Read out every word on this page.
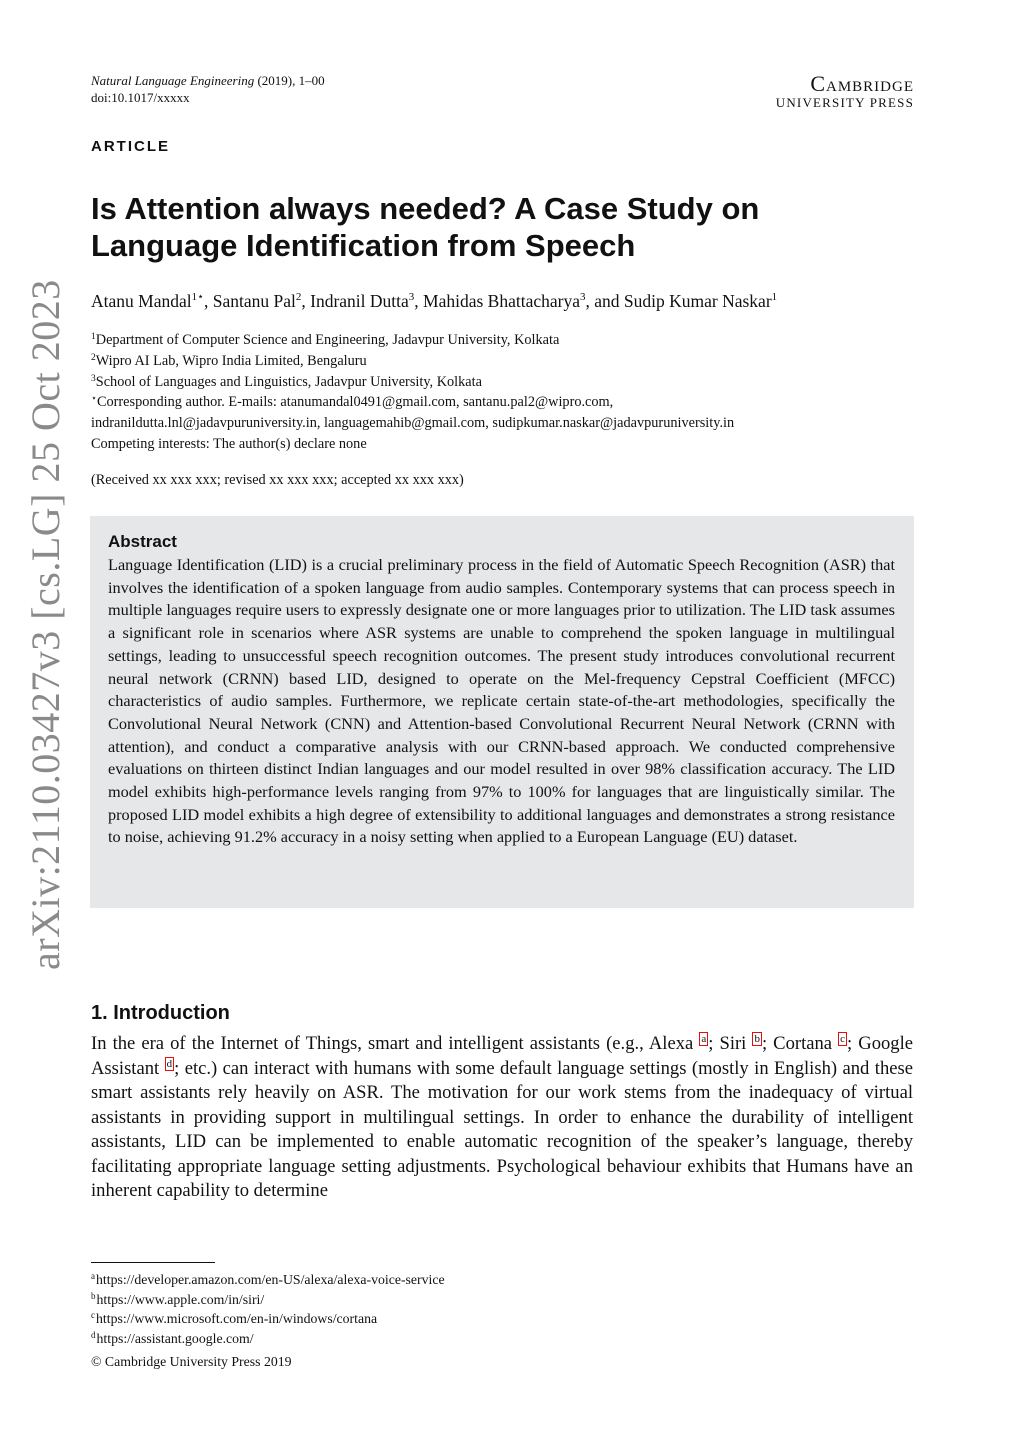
arXiv:2110.03427v3 [cs.LG] 25 Oct 2023
Natural Language Engineering (2019), 1–00
doi:10.1017/xxxxx
Cambridge
UNIVERSITY PRESS
ARTICLE
Is Attention always needed? A Case Study on
Language Identification from Speech
Atanu Mandal$^{1⋆}$, Santanu Pal$^2$, Indranil Dutta$^3$, Mahidas Bhattacharya$^3$, and Sudip Kumar Naskar$^1$
$^1$Department of Computer Science and Engineering, Jadavpur University, Kolkata
$^2$Wipro AI Lab, Wipro India Limited, Bengaluru
$^3$School of Languages and Linguistics, Jadavpur University, Kolkata
⋆Corresponding author. E-mails: atanumandal0491@gmail.com, santanu.pal2@wipro.com,
indranildutta.lnl@jadavpuruniversity.in, languagemahib@gmail.com, sudipkumar.naskar@jadavpuruniversity.in
Competing interests: The author(s) declare none
(Received xx xxx xxx; revised xx xxx xxx; accepted xx xxx xxx)
Abstract
Language Identification (LID) is a crucial preliminary process in the field of Automatic Speech Recognition (ASR) that involves the identification of a spoken language from audio samples. Contemporary systems that can process speech in multiple languages require users to expressly designate one or more languages prior to utilization. The LID task assumes a significant role in scenarios where ASR systems are unable to comprehend the spoken language in multilingual settings, leading to unsuccessful speech recognition outcomes. The present study introduces convolutional recurrent neural network (CRNN) based LID, designed to operate on the Mel-frequency Cepstral Coefficient (MFCC) characteristics of audio samples. Furthermore, we replicate certain state-of-the-art methodologies, specifically the Convolutional Neural Network (CNN) and Attention-based Convolutional Recurrent Neural Network (CRNN with attention), and conduct a comparative analysis with our CRNN-based approach. We conducted comprehensive evaluations on thirteen distinct Indian languages and our model resulted in over 98% classification accuracy. The LID model exhibits high-performance levels ranging from 97% to 100% for languages that are linguistically similar. The proposed LID model exhibits a high degree of extensibility to additional languages and demonstrates a strong resistance to noise, achieving 91.2% accuracy in a noisy setting when applied to a European Language (EU) dataset.
1. Introduction
In the era of the Internet of Things, smart and intelligent assistants (e.g., Alexa $^a$ ; Siri $^b$ ; Cortana $^c$ ; Google Assistant $^d$ ; etc.) can interact with humans with some default language settings (mostly in English) and these smart assistants rely heavily on ASR. The motivation for our work stems from the inadequacy of virtual assistants in providing support in multilingual settings. In order to enhance the durability of intelligent assistants, LID can be implemented to enable automatic recognition of the speaker’s language, thereby facilitating appropriate language setting adjustments. Psychological behaviour exhibits that Humans have an inherent capability to determine
$^a$https://developer.amazon.com/en-US/alexa/alexa-voice-service
$^b$https://www.apple.com/in/siri/
$^c$https://www.microsoft.com/en-in/windows/cortana
$^d$https://assistant.google.com/
© Cambridge University Press 2019
